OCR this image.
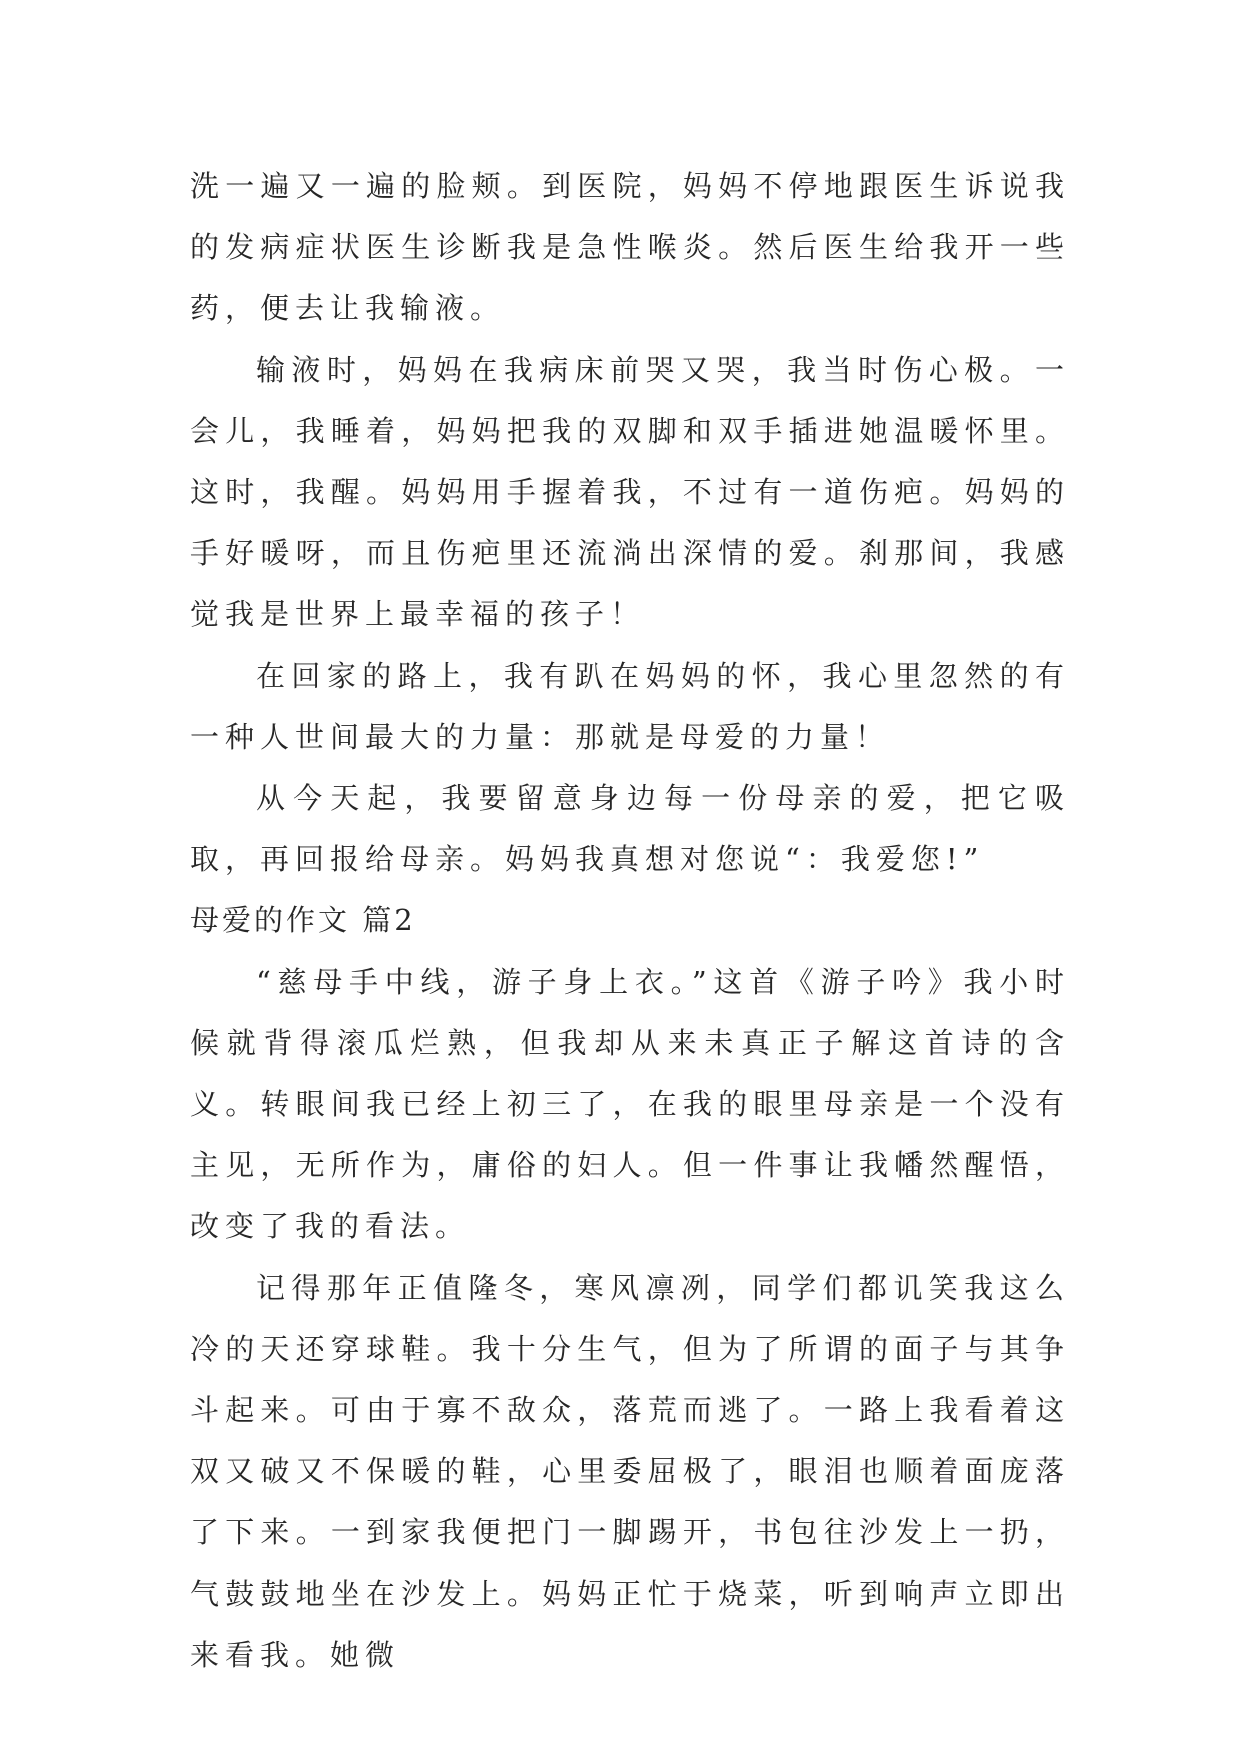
洗一遍又一遍的脸颊。到医院，妈妈不停地跟医生诉说我的发病症状医生诊断我是急性喉炎。然后医生给我开一些药，便去让我输液。

输液时，妈妈在我病床前哭又哭，我当时伤心极。一会儿，我睡着，妈妈把我的双脚和双手插进她温暖怀里。这时，我醒。妈妈用手握着我，不过有一道伤疤。妈妈的手好暖呀，而且伤疤里还流淌出深情的爱。刹那间，我感觉我是世界上最幸福的孩子！

在回家的路上，我有趴在妈妈的怀，我心里忽然的有一种人世间最大的力量：那就是母爱的力量！

从今天起，我要留意身边每一份母亲的爱，把它吸取，再回报给母亲。妈妈我真想对您说“：我爱您!”

母爱的作文 篇2

“慈母手中线，游子身上衣。”这首《游子吟》我小时候就背得滚瓜烂熟，但我却从来未真正子解这首诗的含义。转眼间我已经上初三了，在我的眼里母亲是一个没有主见，无所作为，庸俗的妇人。但一件事让我幡然醒悟，改变了我的看法。

记得那年正值隆冬，寒风凛冽，同学们都讥笑我这么冷的天还穿球鞋。我十分生气，但为了所谓的面子与其争斗起来。可由于寡不敌众，落荒而逃了。一路上我看着这双又破又不保暖的鞋，心里委屈极了，眼泪也顺着面庞落了下来。一到家我便把门一脚踢开，书包往沙发上一扔，气鼓鼓地坐在沙发上。妈妈正忙于烧菜，听到响声立即出来看我。她微
